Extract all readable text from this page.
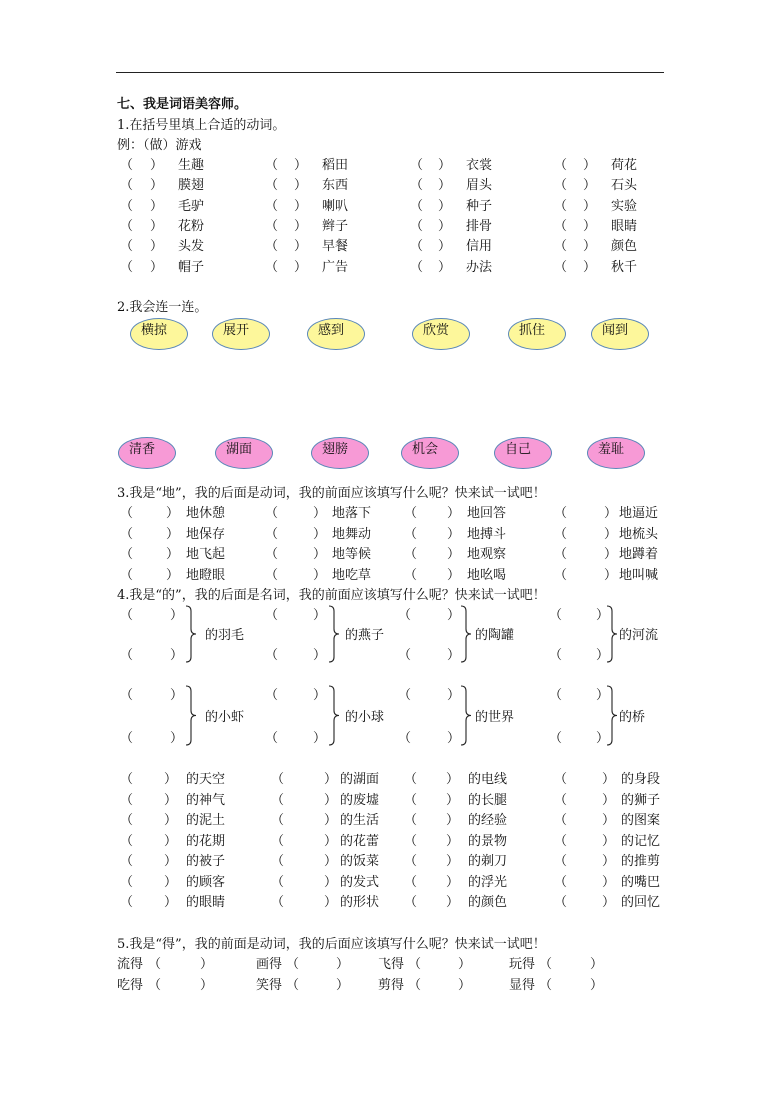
七、我是词语美容师。
1.在括号里填上合适的动词。
例：（做）游戏
（ ） 生趣	（ ） 稻田	（ ） 衣裳	（ ） 荷花
（ ） 膜翅	（ ） 东西	（ ） 眉头	（ ） 石头
（ ） 毛驴	（ ） 喇叭	（ ） 种子	（ ） 实验
（ ） 花粉	（ ） 辫子	（ ） 排骨	（ ） 眼睛
（ ） 头发	（ ） 早餐	（ ） 信用	（ ） 颜色
（ ） 帽子	（ ） 广告	（ ） 办法	（ ） 秋千
2.我会连一连。
横掠	展开	感到	欣赏	抓住	闻到
清香	湖面	翅膀	机会	自己	羞耻
3.我是“地”，我的后面是动词，我的前面应该填写什么呢？快来试一试吧！
（	） 地休憩	（	） 地落下	（ ） 地回答	（	） 地逼近
（	） 地保存	（	） 地舞动	（ ） 地搏斗	（	） 地梳头
（	） 地飞起	（	） 地等候	（ ） 地观察	（	） 地蹲着
（	） 地瞪眼	（	） 地吃草	（ ） 地吆喝	（	） 地叫喊
4.我是“的”，我的后面是名词，我的前面应该填写什么呢？快来试一试吧！
（	）
（	）
的羽毛
（	）
（	）
的燕子
（	）
（	）
的陶罐
（	）
（	）
的河流
（	）
（	）
的小虾
（	）
（	）
的小球
（	）
（	）
的世界
（	）
（	）
的桥
（ ） 的天空	（	） 的湖面 （ ） 的电线	（	） 的身段
（ ） 的神气	（	） 的废墟 （ ） 的长腿	（	） 的狮子
（ ） 的泥土	（	） 的生活 （ ） 的经验	（	） 的图案
（ ） 的花期	（	） 的花蕾 （ ） 的景物	（	） 的记忆
（ ） 的被子	（	） 的饭菜 （ ） 的剃刀	（	） 的推剪
（ ） 的顾客	（	） 的发式 （ ） 的浮光	（	） 的嘴巴
（ ） 的眼睛	（	） 的形状 （ ） 的颜色	（	） 的回忆
5.我是“得”，我的前面是动词，我的后面应该填写什么呢？快来试一试吧！
流得 （	）	画得 （	） 飞得 （	）	玩得 （	）
吃得 （	）	笑得 （	） 剪得 （	）	显得 （	）
